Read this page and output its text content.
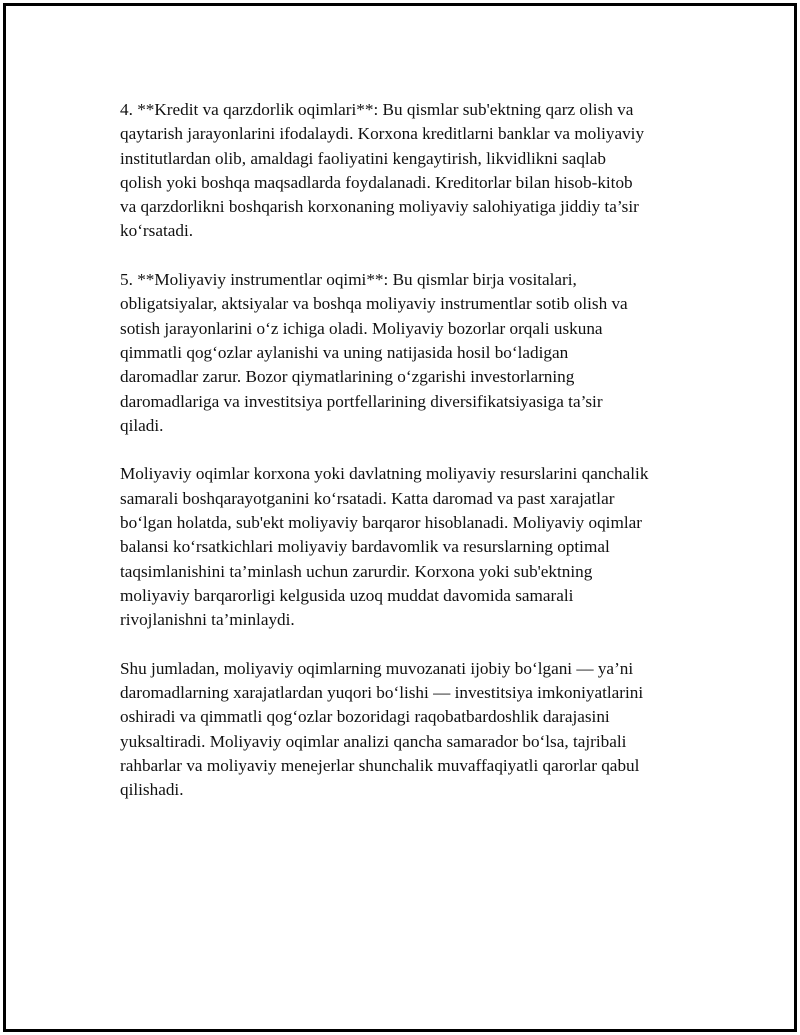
4. **Kredit va qarzdorlik oqimlari**: Bu qismlar sub'ektning qarz olish va
qaytarish jarayonlarini ifodalaydi. Korxona kreditlarni banklar va moliyaviy
institutlardan olib, amaldagi faoliyatini kengaytirish, likvidlikni saqlab
qolish yoki boshqa maqsadlarda foydalanadi. Kreditorlar bilan hisob-kitob
va qarzdorlikni boshqarish korxonaning moliyaviy salohiyatiga jiddiy ta’sir
ko‘rsatadi.

5. **Moliyaviy instrumentlar oqimi**: Bu qismlar birja vositalari,
obligatsiyalar, aktsiyalar va boshqa moliyaviy instrumentlar sotib olish va
sotish jarayonlarini o‘z ichiga oladi. Moliyaviy bozorlar orqali uskuna
qimmatli qog‘ozlar aylanishi va uning natijasida hosil bo‘ladigan
daromadlar zarur. Bozor qiymatlarining o‘zgarishi investorlarning
daromadlariga va investitsiya portfellarining diversifikatsiyasiga ta’sir
qiladi.

Moliyaviy oqimlar korxona yoki davlatning moliyaviy resurslarini qanchalik
samarali boshqarayotganini ko‘rsatadi. Katta daromad va past xarajatlar
bo‘lgan holatda, sub'ekt moliyaviy barqaror hisoblanadi. Moliyaviy oqimlar
balansi ko‘rsatkichlari moliyaviy bardavomlik va resurslarning optimal
taqsimlanishini ta’minlash uchun zarurdir. Korxona yoki sub'ektning
moliyaviy barqarorligi kelgusida uzoq muddat davomida samarali
rivojlanishni ta’minlaydi.

Shu jumladan, moliyaviy oqimlarning muvozanati ijobiy bo‘lgani — ya’ni
daromadlarning xarajatlardan yuqori bo‘lishi — investitsiya imkoniyatlarini
oshiradi va qimmatli qog‘ozlar bozoridagi raqobatbardoshlik darajasini
yuksaltiradi. Moliyaviy oqimlar analizi qancha samarador bo‘lsa, tajribali
rahbarlar va moliyaviy menejerlar shunchalik muvaffaqiyatli qarorlar qabul
qilishadi.
